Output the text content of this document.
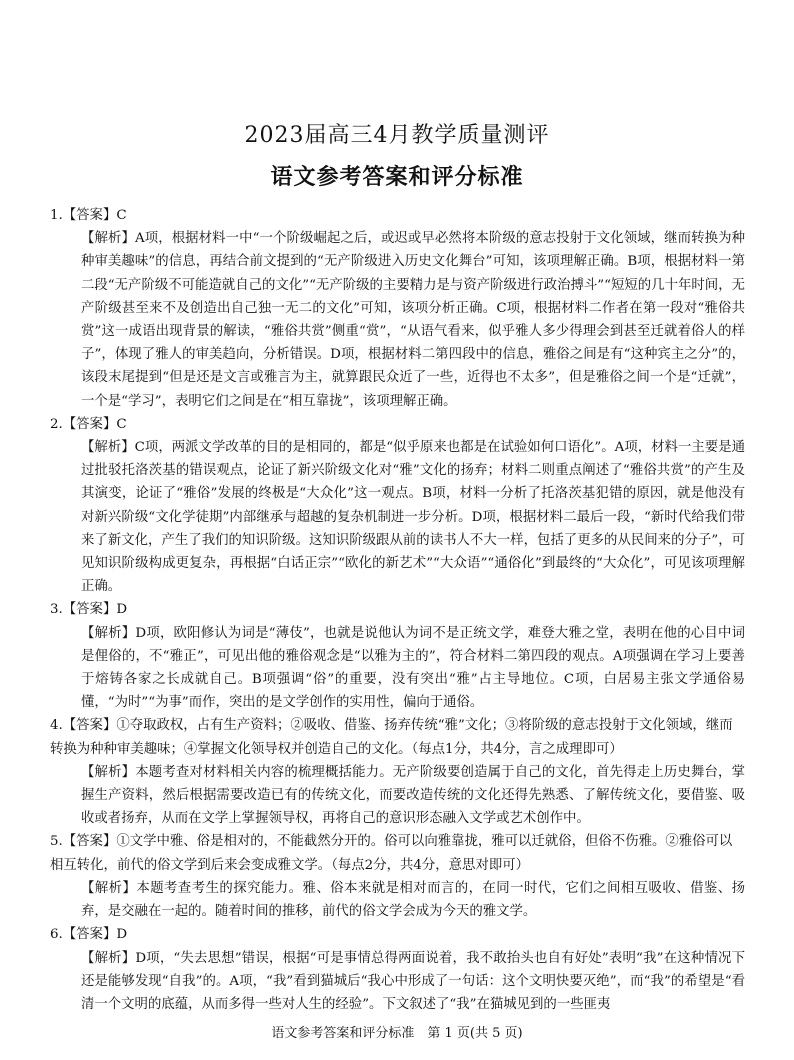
2023届高三4月教学质量测评
语文参考答案和评分标准

1.【答案】C

【解析】A项，根据材料一中“一个阶级崛起之后，或迟或早必然将本阶级的意志投射于文化领域，继而转换为种种审美趣味”的信息，再结合前文提到的“无产阶级进入历史文化舞台”可知，该项理解正确。B项，根据材料一第二段“无产阶级不可能造就自己的文化”“无产阶级的主要精力是与资产阶级进行政治搏斗”“短短的几十年时间，无产阶级甚至来不及创造出自己独一无二的文化”可知，该项分析正确。C项，根据材料二作者在第一段对“雅俗共赏”这一成语出现背景的解读，“雅俗共赏”侧重“赏”，“从语气看来，似乎雅人多少得理会到甚至迁就着俗人的样子”，体现了雅人的审美趋向，分析错误。D项，根据材料二第四段中的信息，雅俗之间是有“这种宾主之分”的，该段末尾提到“但是还是文言或雅言为主，就算跟民众近了一些，近得也不太多”，但是雅俗之间一个是“迁就”，一个是“学习”，表明它们之间是在“相互靠拢”，该项理解正确。

2.【答案】C

【解析】C项，两派文学改革的目的是相同的，都是“似乎原来也都是在试验如何口语化”。A项，材料一主要是通过批驳托洛茨基的错误观点，论证了新兴阶级文化对“雅”文化的扬弃；材料二则重点阐述了“雅俗共赏”的产生及其演变，论证了“雅俗”发展的终极是“大众化”这一观点。B项，材料一分析了托洛茨基犯错的原因，就是他没有对新兴阶级“文化学徒期”内部继承与超越的复杂机制进一步分析。D项，根据材料二最后一段，“新时代给我们带来了新文化，产生了我们的知识阶级。这知识阶级跟从前的读书人不大一样，包括了更多的从民间来的分子”，可见知识阶级构成更复杂，再根据“白话正宗”“欧化的新艺术”“大众语”“通俗化”到最终的“大众化”，可见该项理解正确。

3.【答案】D

【解析】D项，欧阳修认为词是“薄伎”，也就是说他认为词不是正统文学，难登大雅之堂，表明在他的心目中词是俚俗的，不“雅正”，可见出他的雅俗观念是“以雅为主的”，符合材料二第四段的观点。A项强调在学习上要善于熔铸各家之长成就自己。B项强调“俗”的重要，没有突出“雅”占主导地位。C项，白居易主张文学通俗易懂，“为时”“为事”而作，突出的是文学创作的实用性，偏向于通俗。

4.【答案】①夺取政权，占有生产资料；②吸收、借鉴、扬弃传统“雅”文化；③将阶级的意志投射于文化领域，继而转换为种种审美趣味；④掌握文化领导权并创造自己的文化。（每点1分，共4分，言之成理即可）

【解析】本题考查对材料相关内容的梳理概括能力。无产阶级要创造属于自己的文化，首先得走上历史舞台，掌握生产资料，然后根据需要改造已有的传统文化，而要改造传统的文化还得先熟悉、了解传统文化，要借鉴、吸收或者扬弃，从而在文学上掌握领导权，再将自己的意识形态融入文学或艺术创作中。

5.【答案】①文学中雅、俗是相对的，不能截然分开的。俗可以向雅靠拢，雅可以迁就俗，但俗不伤雅。②雅俗可以相互转化，前代的俗文学到后来会变成雅文学。（每点2分，共4分，意思对即可）

【解析】本题考查考生的探究能力。雅、俗本来就是相对而言的，在同一时代，它们之间相互吸收、借鉴、扬弃，是交融在一起的。随着时间的推移，前代的俗文学会成为今天的雅文学。

6.【答案】D

【解析】D项，“失去思想”错误，根据“可是事情总得两面说着，我不敢抬头也自有好处”表明“我”在这种情况下还是能够发现“自我”的。A项，“我”看到猫城后“我心中形成了一句话：这个文明快要灭绝”，而“我”的希望是“看清一个文明的底蕴，从而多得一些对人生的经验”。下文叙述了“我”在猫城见到的一些匪夷

语文参考答案和评分标准　第 1 页(共 5 页)
